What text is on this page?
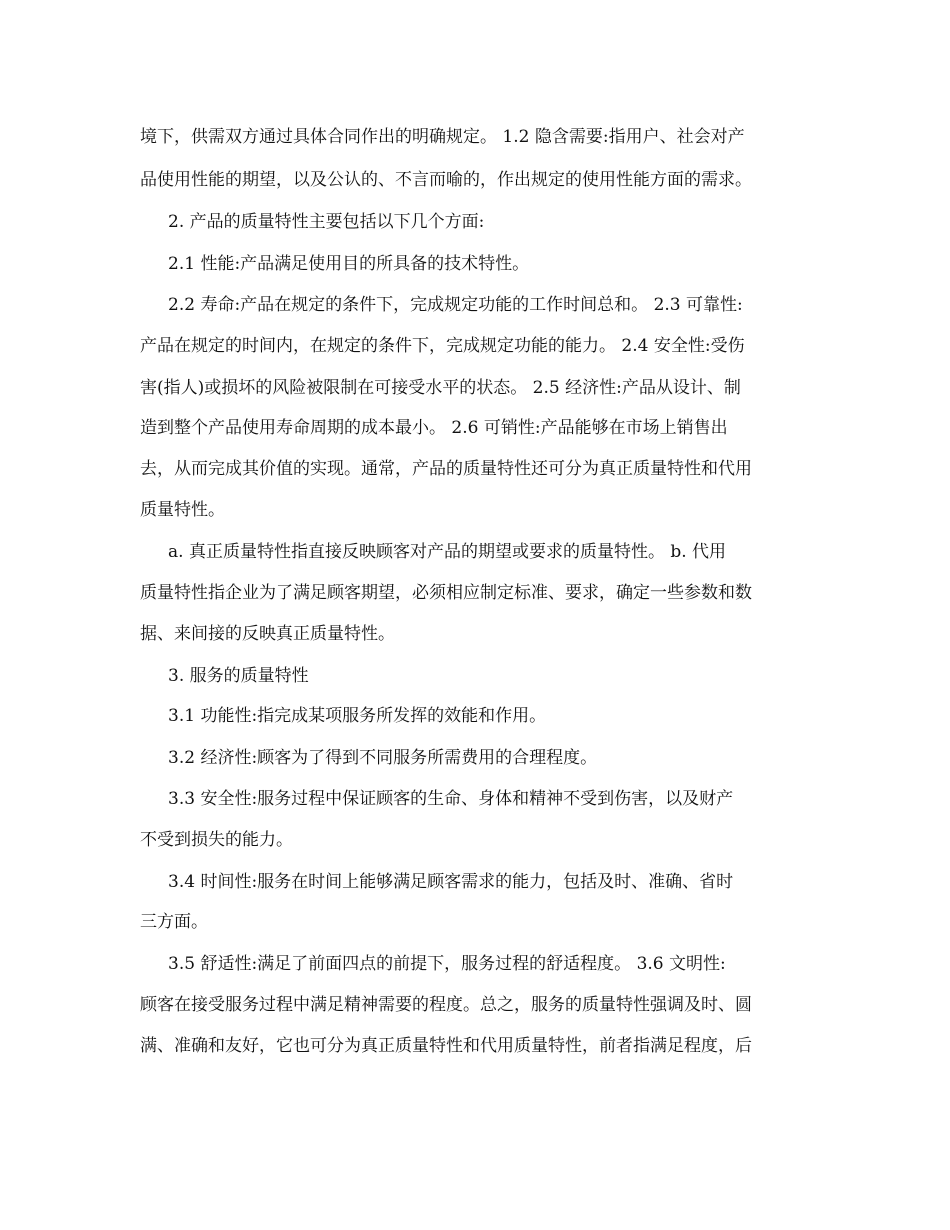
境下，供需双方通过具体合同作出的明确规定。 1.2 隐含需要:指用户、社会对产
品使用性能的期望，以及公认的、不言而喻的，作出规定的使用性能方面的需求。
2. 产品的质量特性主要包括以下几个方面:
2.1 性能:产品满足使用目的所具备的技术特性。
2.2 寿命:产品在规定的条件下，完成规定功能的工作时间总和。 2.3 可靠性:
产品在规定的时间内，在规定的条件下，完成规定功能的能力。 2.4 安全性:受伤
害(指人)或损坏的风险被限制在可接受水平的状态。 2.5 经济性:产品从设计、制
造到整个产品使用寿命周期的成本最小。 2.6 可销性:产品能够在市场上销售出
去，从而完成其价值的实现。通常，产品的质量特性还可分为真正质量特性和代用
质量特性。
a. 真正质量特性指直接反映顾客对产品的期望或要求的质量特性。 b. 代用
质量特性指企业为了满足顾客期望，必须相应制定标准、要求，确定一些参数和数
据、来间接的反映真正质量特性。
3. 服务的质量特性
3.1 功能性:指完成某项服务所发挥的效能和作用。
3.2 经济性:顾客为了得到不同服务所需费用的合理程度。
3.3 安全性:服务过程中保证顾客的生命、身体和精神不受到伤害，以及财产
不受到损失的能力。
3.4 时间性:服务在时间上能够满足顾客需求的能力，包括及时、准确、省时
三方面。
3.5 舒适性:满足了前面四点的前提下，服务过程的舒适程度。 3.6 文明性:
顾客在接受服务过程中满足精神需要的程度。总之，服务的质量特性强调及时、圆
满、准确和友好，它也可分为真正质量特性和代用质量特性，前者指满足程度，后
